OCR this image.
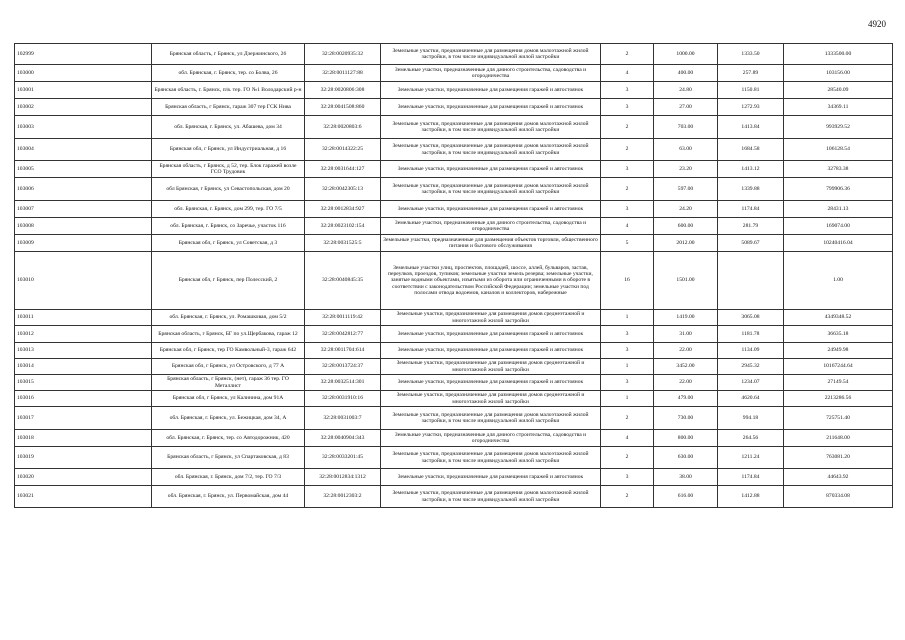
4920
102999	Брянская область, г Брянск, ул Дзержинского, 26	32:28:0020935:32	Земельные участки, предназначенные для размещения домов малоэтажной жилой застройки, в том числе индивидуальной жилой застройки	2	1000.00	1333.50	1333500.00
103000	обл. Брянская, г. Брянск, тер. со Болва, 26	32:28:0011127:88	Земельные участки, предназначенные для дачного строительства, садоводства и огородничества	4	400.00	257.89	103156.00
103001	Брянская область, г. Брянск, п/в. тер. ГО №1 Володарский р-н	32:28:0020806:308	Земельные участки, предназначенные для размещения гаражей и автостоянок	3	24.80	1150.81	28540.09
103002	Брянская область, г Брянск, гараж 307 тер ГСК Нива	32:28:0041508:860	Земельные участки, предназначенные для размещения гаражей и автостоянок	3	27.00	1272.93	34369.11
103003	обл. Брянская, г. Брянск, ул. Абашева, дом 34	32:28:0020803:6	Земельные участки, предназначенные для размещения домов малоэтажной жилой застройки, в том числе индивидуальной жилой застройки	2	703.00	1413.84	993929.52
103004	Брянская обл, г Брянск, ул Индустриальная, д 16	32:28:0014322:25	Земельные участки, предназначенные для размещения домов малоэтажной жилой застройки, в том числе индивидуальной жилой застройки	2	63.00	1684.58	106128.54
103005	Брянская область, г Брянск, д 52, тер. Блок гаражей возле ГСО Трудовик	32:28:0031644:127	Земельные участки, предназначенные для размещения гаражей и автостоянок	3	23.20	1413.12	32783.38
103006	обл Брянская, г Брянск, ул Севастопольская, дом 20	32:28:0042305:13	Земельные участки, предназначенные для размещения домов малоэтажной жилой застройки, в том числе индивидуальной жилой застройки	2	597.00	1339.88	799906.36
103007	обл. Брянская, г. Брянск, дом 299, тер. ГО 7/5	32:28:0012834:927	Земельные участки, предназначенные для размещения гаражей и автостоянок	3	24.20	1174.84	28431.13
103008	обл. Брянская, г. Брянск, со Заречье, участок 116	32:28:0023102:154	Земельные участки, предназначенные для дачного строительства, садоводства и огородничества	4	600.00	281.79	169074.00
103009	Брянская обл, г Брянск, ул Советская, д 3	32:28:0031525:5	Земельные участки, предназначенные для размещения объектов торговли, общественного питания и бытового обслуживания	5	2012.00	5089.67	10240416.04
103010	Брянская обл, г Брянск, пер Полесский, 2	32:28:0040845:35	Земельные участки улиц, проспектов, площадей, шоссе, аллей, бульваров, застав, переулков, проездов, тупиков; земельные участки земель резерва; земельные участки, занятые водными объектами, изъятыми из оборота или ограниченными в обороте в соответствии с законодательством Российской Федерации; земельные участки под полосами отвода водоемов, каналов и коллекторов, набережные	16	1501.00		1.00
103011	обл. Брянская, г. Брянск, ул. Ромашковая, дом 5/2	32:28:0011119:42	Земельные участки, предназначенные для размещения домов среднеэтажной и многоэтажной жилой застройки	1	1419.00	3065.08	4349348.52
103012	Брянская область, г Брянск, БГ по ул.Щербакова, гараж 12	32:28:0042812:77	Земельные участки, предназначенные для размещения гаражей и автостоянок	3	31.00	1181.78	36635.18
103013	Брянская обл, г Брянск, тер ГО Камвольный-3, гараж 642	32:28:0011704:614	Земельные участки, предназначенные для размещения гаражей и автостоянок	3	22.00	1134.09	24949.98
103014	Брянская обл, г Брянск, ул Островского, д 77 А	32:28:0013724:37	Земельные участки, предназначенные для размещения домов среднеэтажной и многоэтажной жилой застройки	1	3452.00	2945.32	10167244.64
103015	Брянская область, г Брянск, (нет), гараж 36 тер. ГО Металлист	32:28:0032514:301	Земельные участки, предназначенные для размещения гаражей и автостоянок	3	22.00	1234.07	27149.54
103016	Брянская обл, г Брянск, ул Калинина, дом 91А	32:28:0031910:16	Земельные участки, предназначенные для размещения домов среднеэтажной и многоэтажной жилой застройки	1	479.00	4620.64	2213286.56
103017	обл. Брянская, г. Брянск, ул. Бежицкая, дом 34, А	32:28:0031003:7	Земельные участки, предназначенные для размещения домов малоэтажной жилой застройки, в том числе индивидуальной жилой застройки	2	730.00	994.18	725751.40
103018	обл. Брянская, г. Брянск, тер. со Автодорожник, 420	32:28:0040904:343	Земельные участки, предназначенные для дачного строительства, садоводства и огородничества	4	800.00	264.56	211648.00
103019	Брянская область, г Брянск, ул Спартаковская, д 83	32:28:0033201:45	Земельные участки, предназначенные для размещения домов малоэтажной жилой застройки, в том числе индивидуальной жилой застройки	2	630.00	1211.24	763081.20
103020	обл. Брянская, г. Брянск, дом 7/2, тер. ГО 7/3	32:28:0012834:1312	Земельные участки, предназначенные для размещения гаражей и автостоянок	3	38.00	1174.84	44643.92
103021	обл. Брянская, г. Брянск, ул. Первомайская, дом 44	32:28:0012303:2	Земельные участки, предназначенные для размещения домов малоэтажной жилой застройки, в том числе индивидуальной жилой застройки	2	616.00	1412.88	870334.08
